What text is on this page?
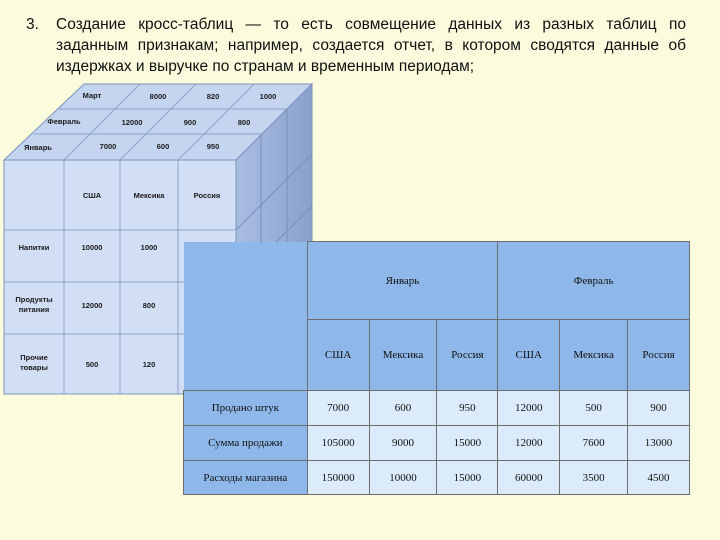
3.	Создание кросс-таблиц — то есть совмещение данных из разных таблиц по
заданным признакам; например, создается отчет, в котором сводятся данные об
издержках и выручке по странам и временным периодам;
Март	8000	820	1000
Февраль	12000	900	800
Январь	7000	600	950
США	Мексика	Россия
Напитки	10000	1000
Продукты
питания	12000	800
Прочие
товары	500	120
	Январь			Февраль		
	США	Мексика	Россия	США	Мексика	Россия
Продано штук	7000	600	950	12000	500	900
Сумма продажи	105000	9000	15000	12000	7600	13000
Расходы магазина	150000	10000	15000	60000	3500	4500
